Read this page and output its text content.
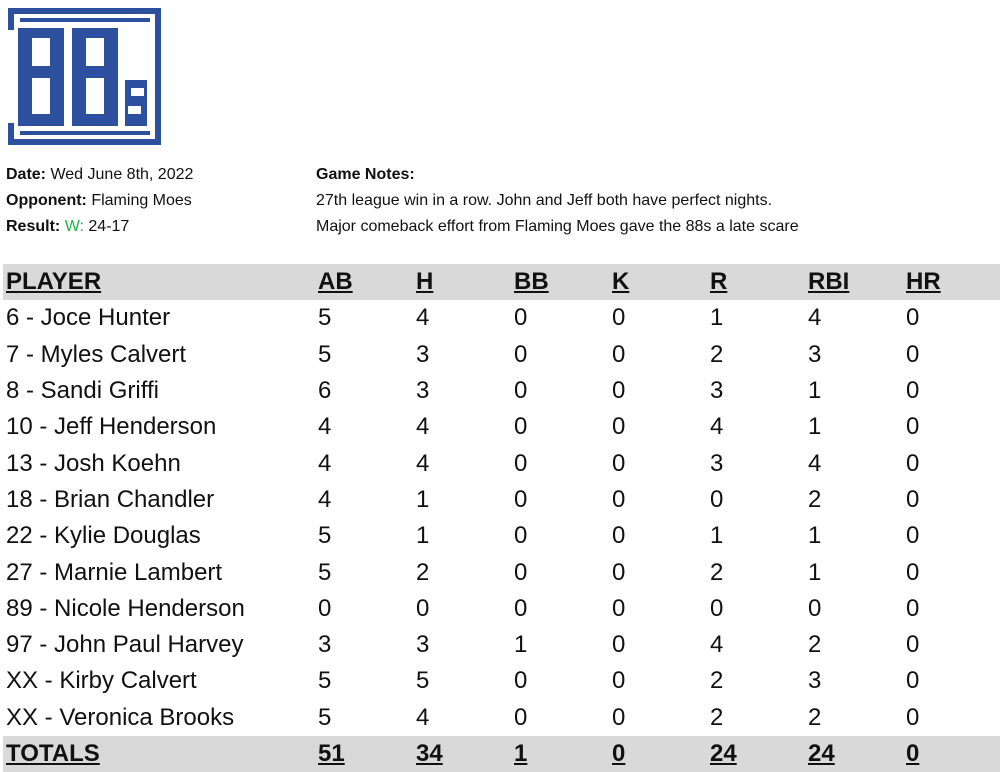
Date: Wed June 8th, 2022
Opponent: Flaming Moes
Result: W: 24-17
Game Notes:
27th league win in a row. John and Jeff both have perfect nights.
Major comeback effort from Flaming Moes gave the 88s a late scare
PLAYER	AB	H	BB	K	R	RBI	HR
6 - Joce Hunter	5	4	0	0	1	4	0
7 - Myles Calvert	5	3	0	0	2	3	0
8 - Sandi Griffi	6	3	0	0	3	1	0
10 - Jeff Henderson	4	4	0	0	4	1	0
13 - Josh Koehn	4	4	0	0	3	4	0
18 - Brian Chandler	4	1	0	0	0	2	0
22 - Kylie Douglas	5	1	0	0	1	1	0
27 - Marnie Lambert	5	2	0	0	2	1	0
89 - Nicole Henderson	0	0	0	0	0	0	0
97 - John Paul Harvey	3	3	1	0	4	2	0
XX - Kirby Calvert	5	5	0	0	2	3	0
XX - Veronica Brooks	5	4	0	0	2	2	0
TOTALS	51	34	1	0	24	24	0
